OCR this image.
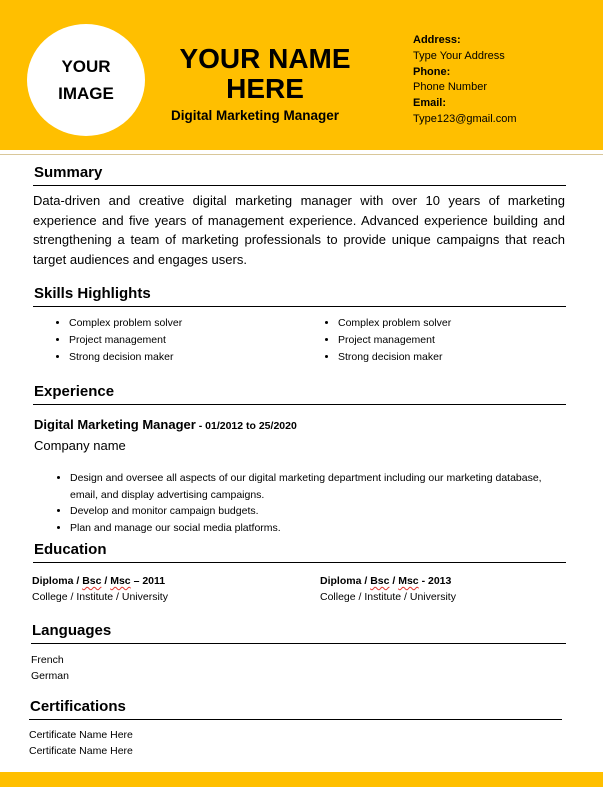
YOUR
IMAGE
YOUR NAME
HERE
Digital Marketing Manager
Address:
Type Your Address
Phone:
Phone Number
Email:
Type123@gmail.com
Summary
Data-driven and creative digital marketing manager with over 10 years of marketing experience and five years of management experience. Advanced experience building and strengthening a team of marketing professionals to provide unique campaigns that reach target audiences and engages users.
Skills Highlights
• Complex problem solver
• Project management
• Strong decision maker
• Complex problem solver
• Project management
• Strong decision maker
Experience
Digital Marketing Manager - 01/2012 to 25/2020
Company name
• Design and oversee all aspects of our digital marketing department including our marketing database, email, and display advertising campaigns.
• Develop and monitor campaign budgets.
• Plan and manage our social media platforms.
Education
Diploma / Bsc / Msc – 2011
College / Institute / University
Diploma / Bsc / Msc - 2013
College / Institute / University
Languages
French
German
Certifications
Certificate Name Here
Certificate Name Here
